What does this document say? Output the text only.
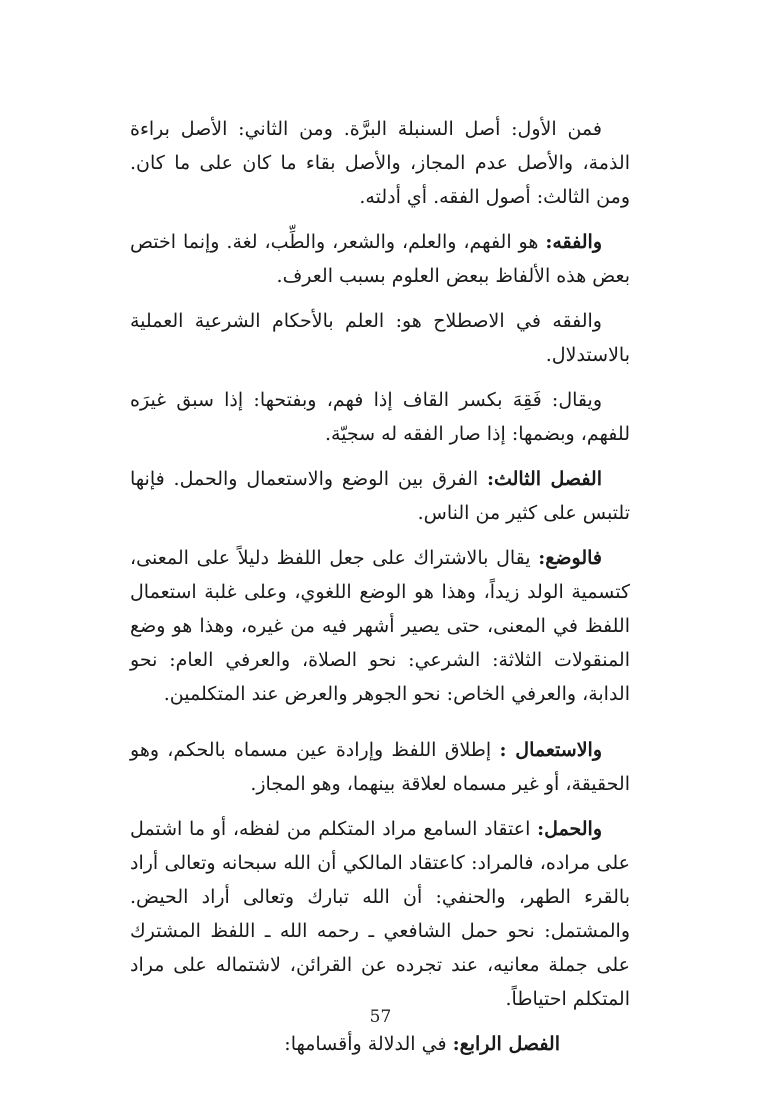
فمن الأول: أصل السنبلة البرَّة. ومن الثاني: الأصل براءة الذمة، والأصل عدم المجاز، والأصل بقاء ما كان على ما كان. ومن الثالث: أصول الفقه. أي أدلته.

والفقه: هو الفهم، والعلم، والشعر، والطِّب، لغة. وإنما اختص بعض هذه الألفاظ ببعض العلوم بسبب العرف.

والفقه في الاصطلاح هو: العلم بالأحكام الشرعية العملية بالاستدلال.

ويقال: فَقِهَ بكسر القاف إذا فهم، وبفتحها: إذا سبق غيرَه للفهم، وبضمها: إذا صار الفقه له سجيّة.

الفصل الثالث: الفرق بين الوضع والاستعمال والحمل. فإنها تلتبس على كثير من الناس.

فالوضع: يقال بالاشتراك على جعل اللفظ دليلاً على المعنى، كتسمية الولد زيداً، وهذا هو الوضع اللغوي، وعلى غلبة استعمال اللفظ في المعنى، حتى يصير أشهر فيه من غيره، وهذا هو وضع المنقولات الثلاثة: الشرعي: نحو الصلاة، والعرفي العام: نحو الدابة، والعرفي الخاص: نحو الجوهر والعرض عند المتكلمين.

والاستعمال : إطلاق اللفظ وإرادة عين مسماه بالحكم، وهو الحقيقة، أو غير مسماه لعلاقة بينهما، وهو المجاز.

والحمل: اعتقاد السامع مراد المتكلم من لفظه، أو ما اشتمل على مراده، فالمراد: كاعتقاد المالكي أن الله سبحانه وتعالى أراد بالقرء الطهر، والحنفي: أن الله تبارك وتعالى أراد الحيض. والمشتمل: نحو حمل الشافعي ـ رحمه الله ـ اللفظ المشترك على جملة معانيه، عند تجرده عن القرائن، لاشتماله على مراد المتكلم احتياطاً.

الفصل الرابع: في الدلالة وأقسامها:

57
